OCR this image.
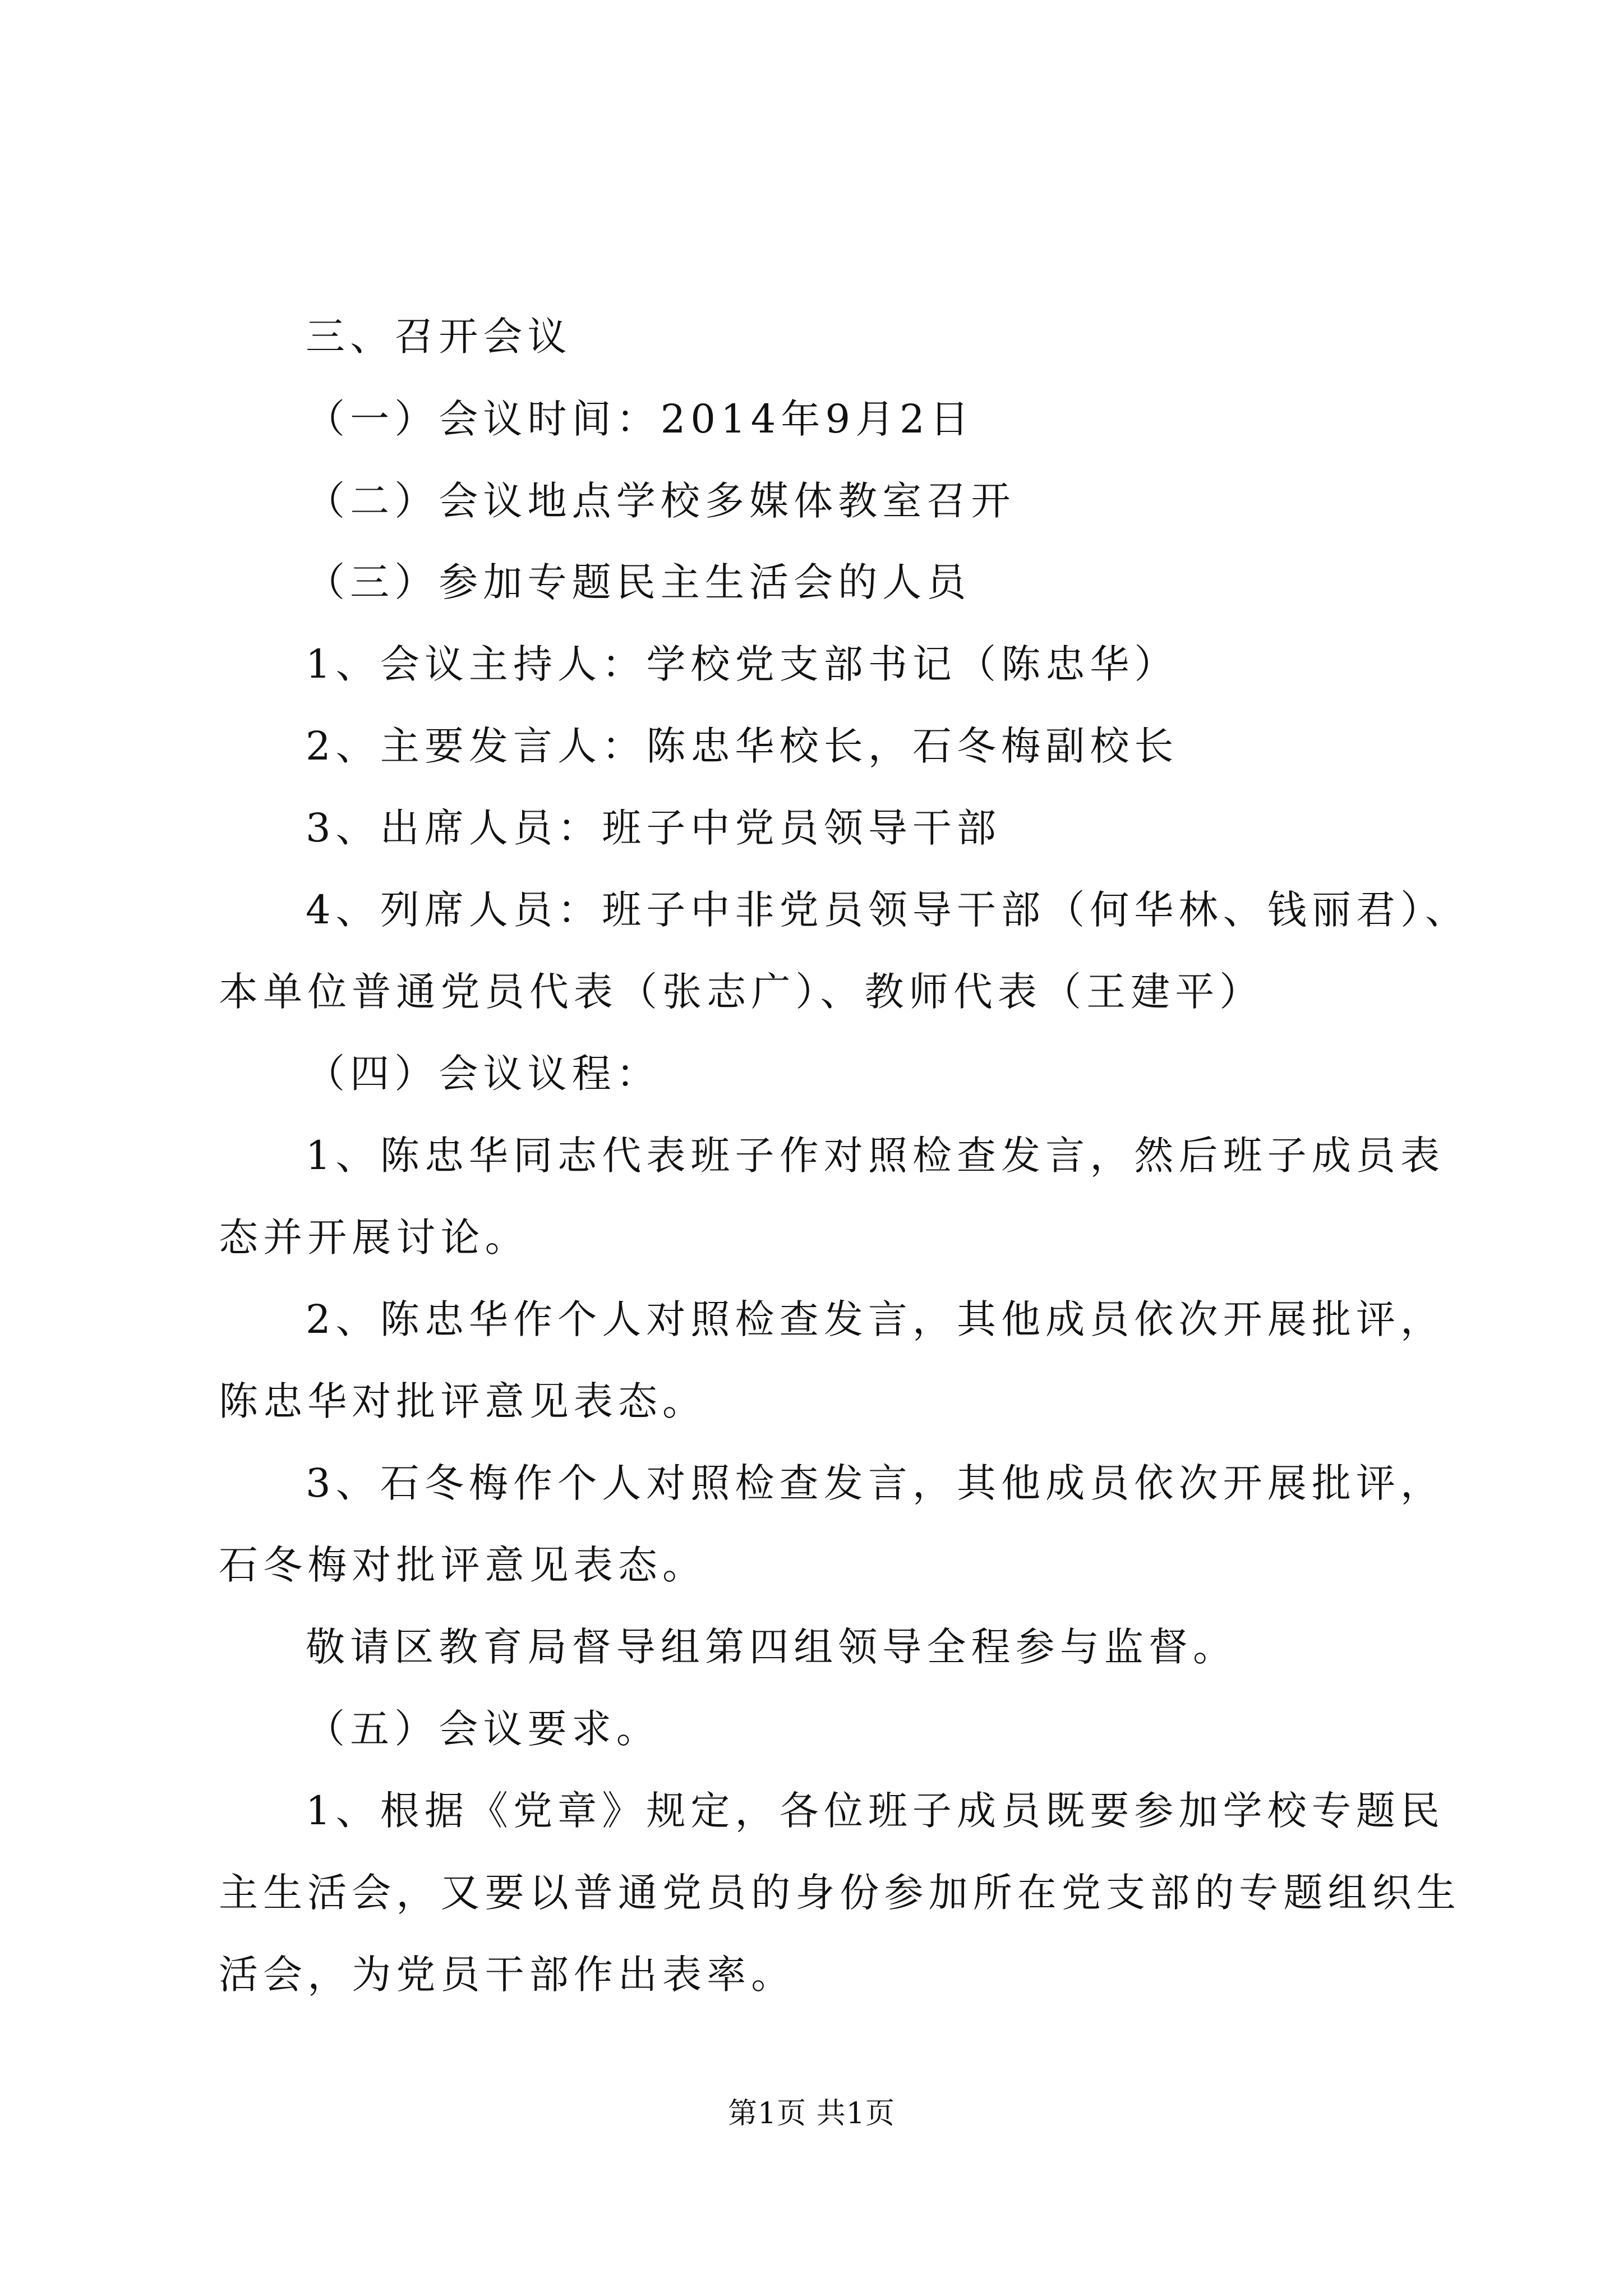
三、召开会议
（一）会议时间：2014年9月2日
（二）会议地点学校多媒体教室召开
（三）参加专题民主生活会的人员
1、会议主持人：学校党支部书记（陈忠华）
2、主要发言人：陈忠华校长，石冬梅副校长
3、出席人员：班子中党员领导干部
4、列席人员：班子中非党员领导干部（何华林、钱丽君）、
本单位普通党员代表（张志广）、教师代表（王建平）
（四）会议议程：
1、陈忠华同志代表班子作对照检查发言，然后班子成员表
态并开展讨论。
2、陈忠华作个人对照检查发言，其他成员依次开展批评，
陈忠华对批评意见表态。
3、石冬梅作个人对照检查发言，其他成员依次开展批评，
石冬梅对批评意见表态。
敬请区教育局督导组第四组领导全程参与监督。
（五）会议要求。
1、根据《党章》规定，各位班子成员既要参加学校专题民
主生活会，又要以普通党员的身份参加所在党支部的专题组织生
活会，为党员干部作出表率。
第1页 共1页
